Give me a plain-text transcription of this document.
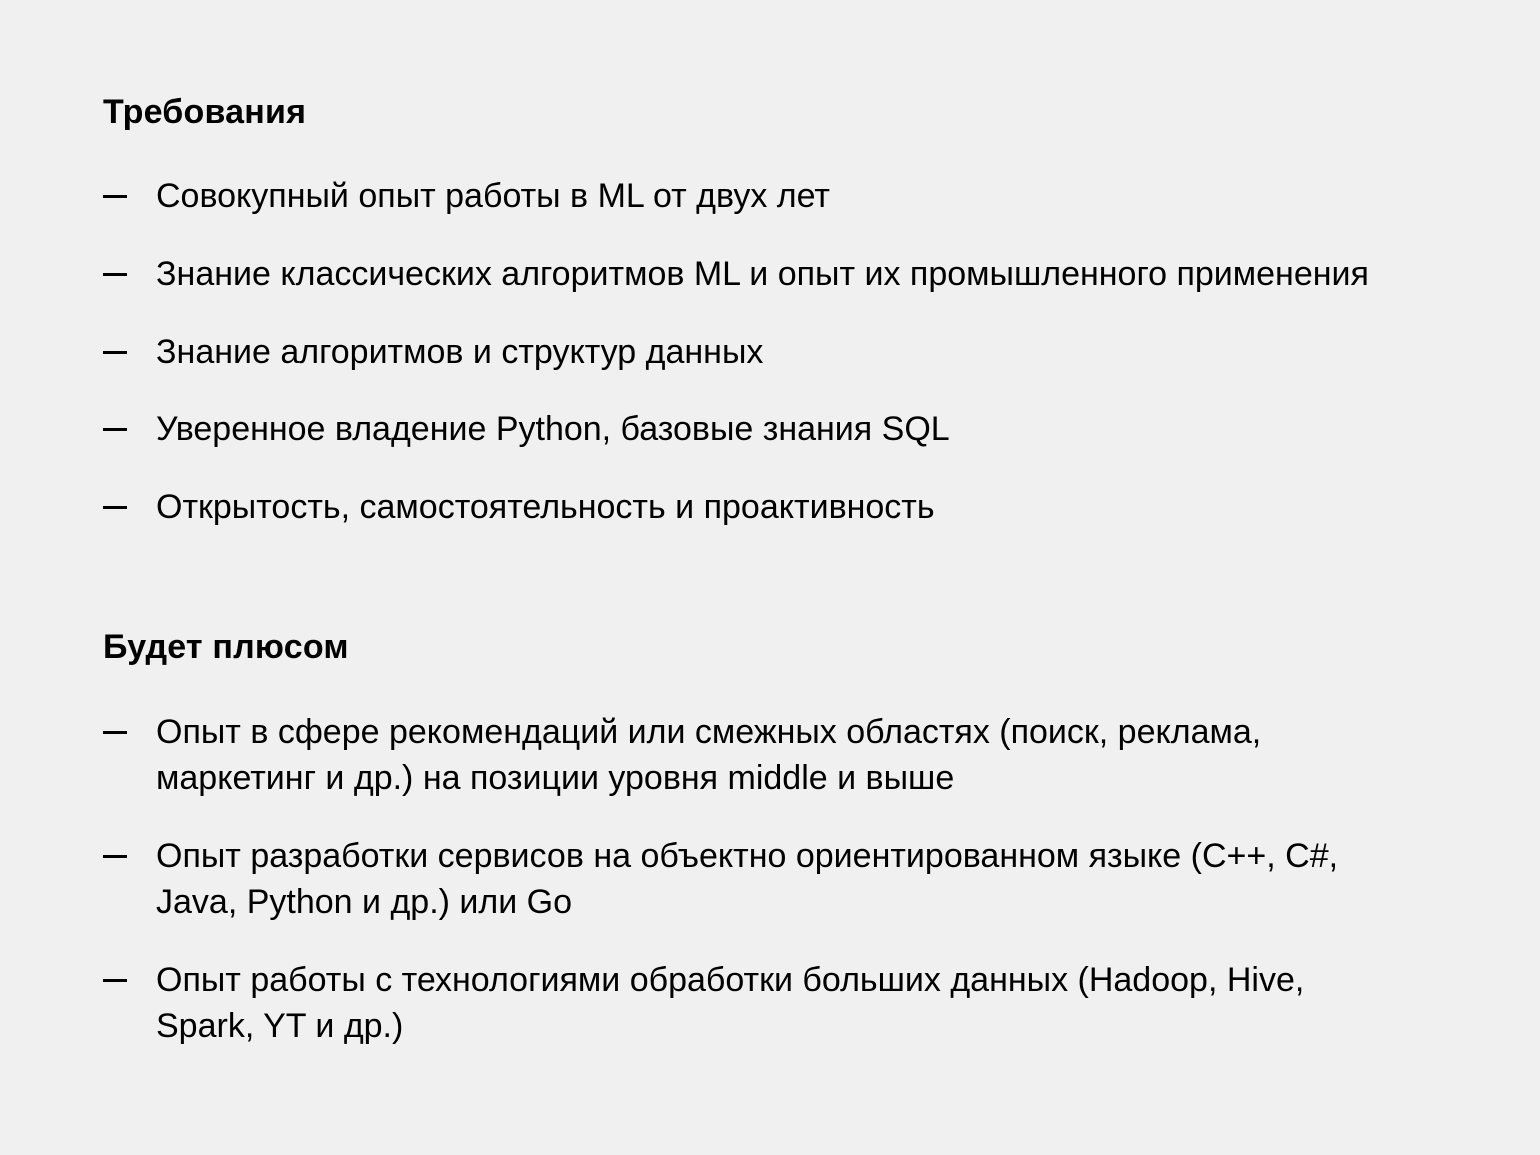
Требования
Совокупный опыт работы в ML от двух лет
Знание классических алгоритмов ML и опыт их промышленного применения
Знание алгоритмов и структур данных
Уверенное владение Python, базовые знания SQL
Открытость, самостоятельность и проактивность
Будет плюсом
Опыт в сфере рекомендаций или смежных областях (поиск, реклама,
маркетинг и др.) на позиции уровня middle и выше
Опыт разработки сервисов на объектно ориентированном языке (C++, C#,
Java, Python и др.) или Go
Опыт работы с технологиями обработки больших данных (Hadoop, Hive,
Spark, YT и др.)
